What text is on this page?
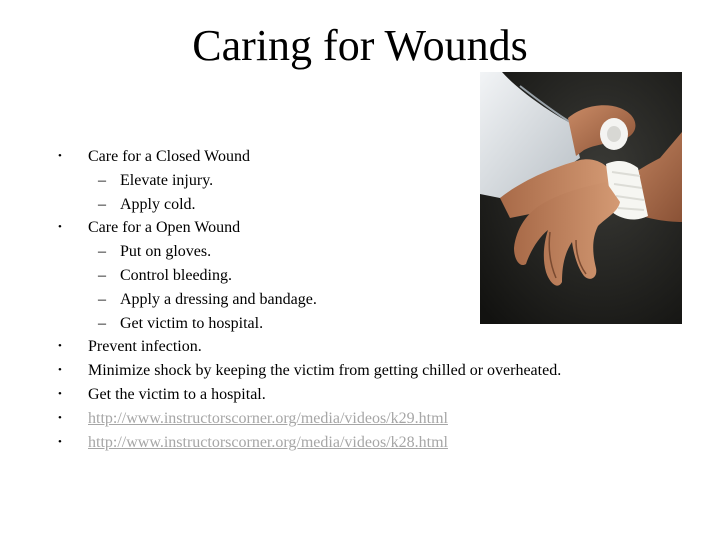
Caring for Wounds
• Care for a Closed Wound
– Elevate injury.
– Apply cold.
• Care for a Open Wound
– Put on gloves.
– Control bleeding.
– Apply a dressing and bandage.
– Get victim to hospital.
• Prevent infection.
• Minimize shock by keeping the victim from getting chilled or overheated.
• Get the victim to a hospital.
• http://www.instructorscorner.org/media/videos/k29.html
• http://www.instructorscorner.org/media/videos/k28.html
